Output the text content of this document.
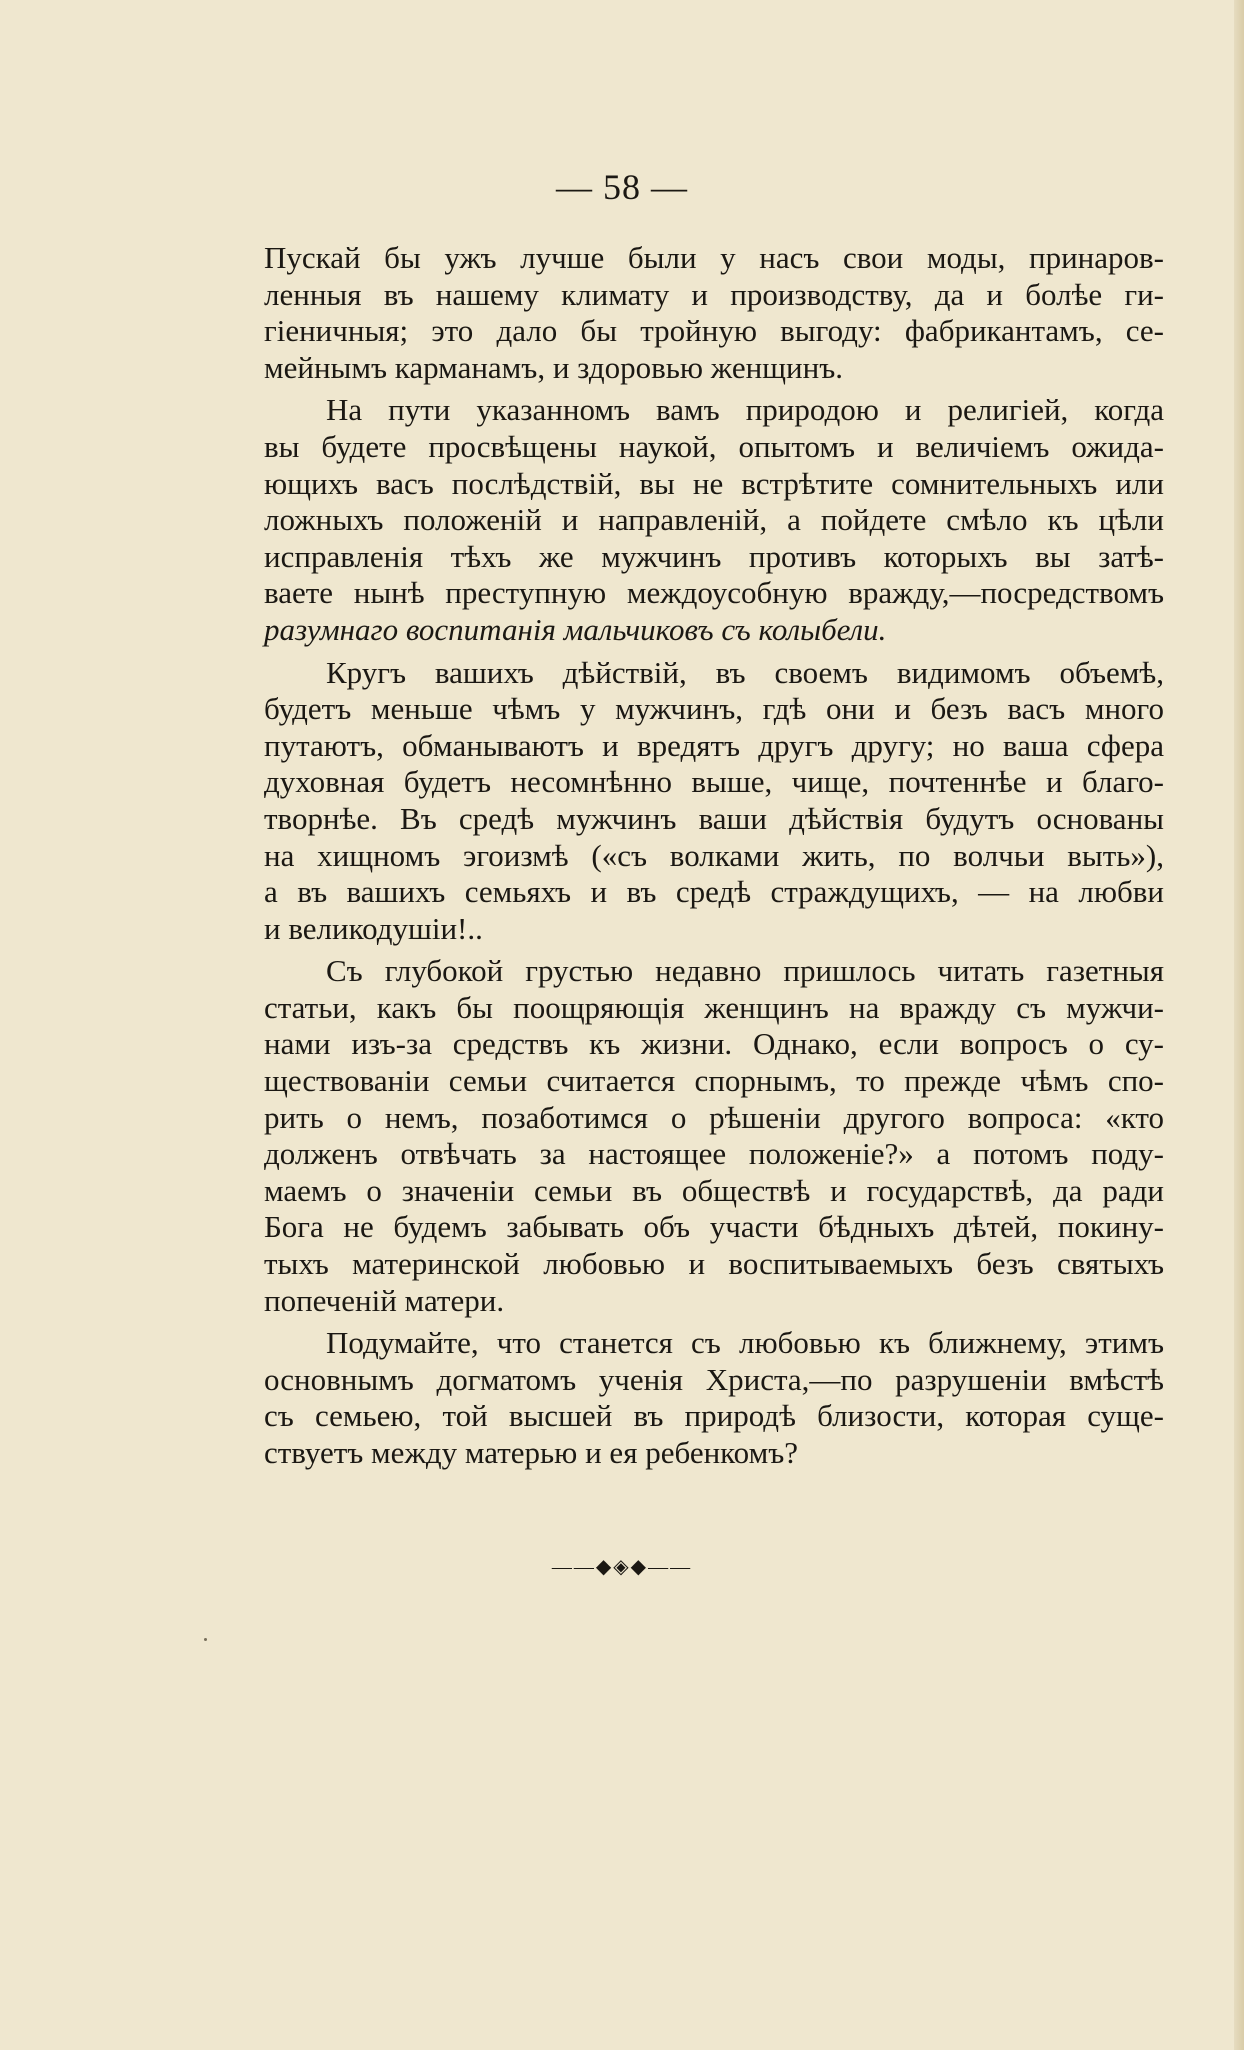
— 58 —
Пускай бы ужъ лучше были у насъ свои моды, принаров-
ленныя въ нашему климату и производству, да и болѣе ги-
гіеничныя; это дало бы тройную выгоду: фабрикантамъ, се-
мейнымъ карманамъ, и здоровью женщинъ.
На пути указанномъ вамъ природою и религіей, когда
вы будете просвѣщены наукой, опытомъ и величіемъ ожида-
ющихъ васъ послѣдствій, вы не встрѣтите сомнительныхъ или
ложныхъ положеній и направленій, а пойдете смѣло къ цѣли
исправленія тѣхъ же мужчинъ противъ которыхъ вы затѣ-
ваете нынѣ преступную междоусобную вражду,—посредствомъ
разумнаго воспитанія мальчиковъ съ колыбели.
Кругъ вашихъ дѣйствій, въ своемъ видимомъ объемѣ,
будетъ меньше чѣмъ у мужчинъ, гдѣ они и безъ васъ много
путаютъ, обманываютъ и вредятъ другъ другу; но ваша сфера
духовная будетъ несомнѣнно выше, чище, почтеннѣе и благо-
творнѣе. Въ средѣ мужчинъ ваши дѣйствія будутъ основаны
на хищномъ эгоизмѣ («съ волками жить, по волчьи выть»),
а въ вашихъ семьяхъ и въ средѣ страждущихъ, — на любви
и великодушіи!..
Съ глубокой грустью недавно пришлось читать газетныя
статьи, какъ бы поощряющія женщинъ на вражду съ мужчи-
нами изъ-за средствъ къ жизни. Однако, если вопросъ о су-
ществованіи семьи считается спорнымъ, то прежде чѣмъ спо-
рить о немъ, позаботимся о рѣшеніи другого вопроса: «кто
долженъ отвѣчать за настоящее положеніе?» а потомъ поду-
маемъ о значеніи семьи въ обществѣ и государствѣ, да ради
Бога не будемъ забывать объ участи бѣдныхъ дѣтей, покину-
тыхъ материнской любовью и воспитываемыхъ безъ святыхъ
попеченій матери.
Подумайте, что станется съ любовью къ ближнему, этимъ
основнымъ догматомъ ученія Христа,—по разрушеніи вмѣстѣ
съ семьею, той высшей въ природѣ близости, которая суще-
ствуетъ между матерью и ея ребенкомъ?
——◆◈◆——
